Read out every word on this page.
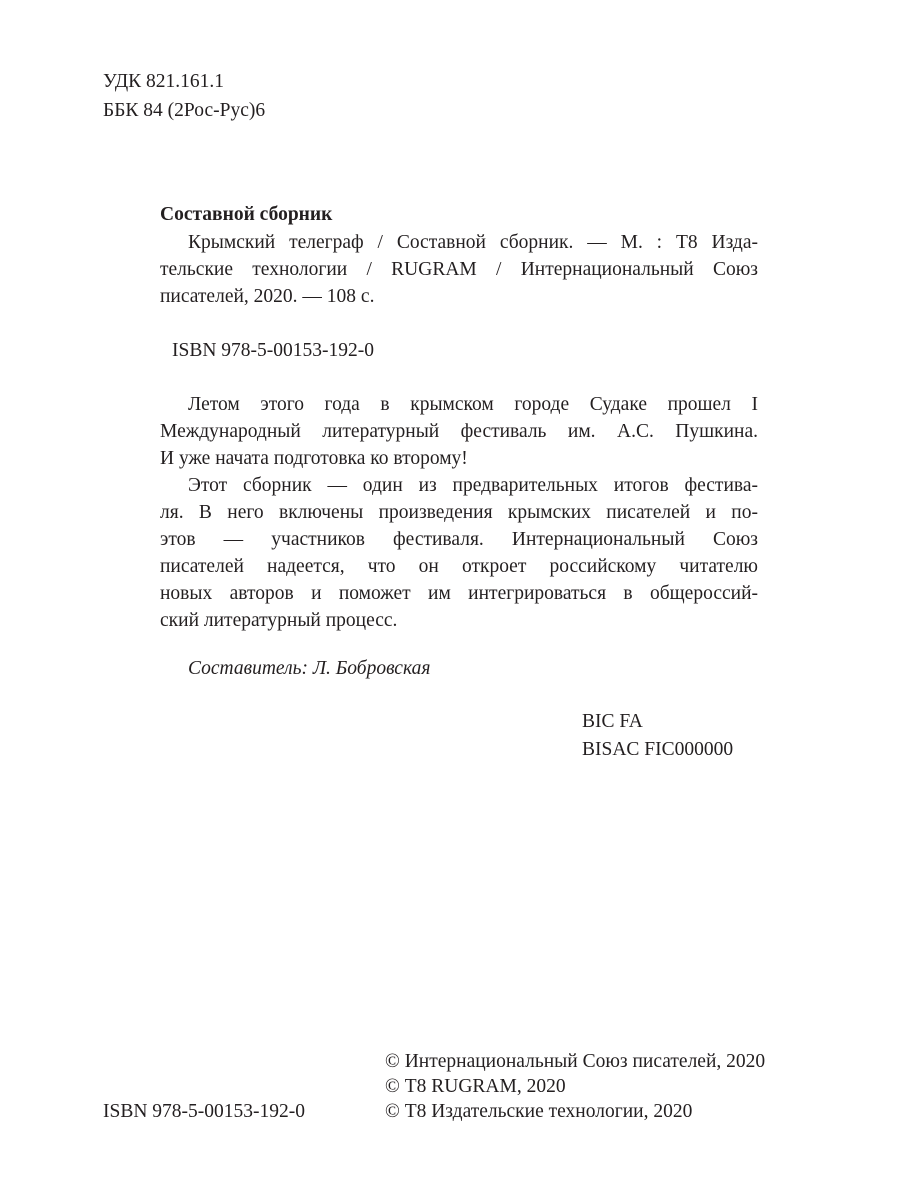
УДК 821.161.1
ББК 84 (2Рос-Рус)6
Составной сборник
Крымский телеграф / Составной сборник. — М. : Т8 Изда-
тельские технологии / RUGRAM / Интернациональный Союз
писателей, 2020. — 108 с.
ISBN 978-5-00153-192-0
Летом этого года в крымском городе Судаке прошел I
Международный литературный фестиваль им. А.С. Пушкина.
И уже начата подготовка ко второму!
Этот сборник — один из предварительных итогов фестива-
ля. В него включены произведения крымских писателей и по-
этов — участников фестиваля. Интернациональный Союз
писателей надеется, что он откроет российскому читателю
новых авторов и поможет им интегрироваться в общероссий-
ский литературный процесс.
Составитель: Л. Бобровская
BIC FA
BISAC FIC000000
© Интернациональный Союз писателей, 2020
© Т8 RUGRAM, 2020
ISBN 978-5-00153-192-0	© Т8 Издательские технологии, 2020
